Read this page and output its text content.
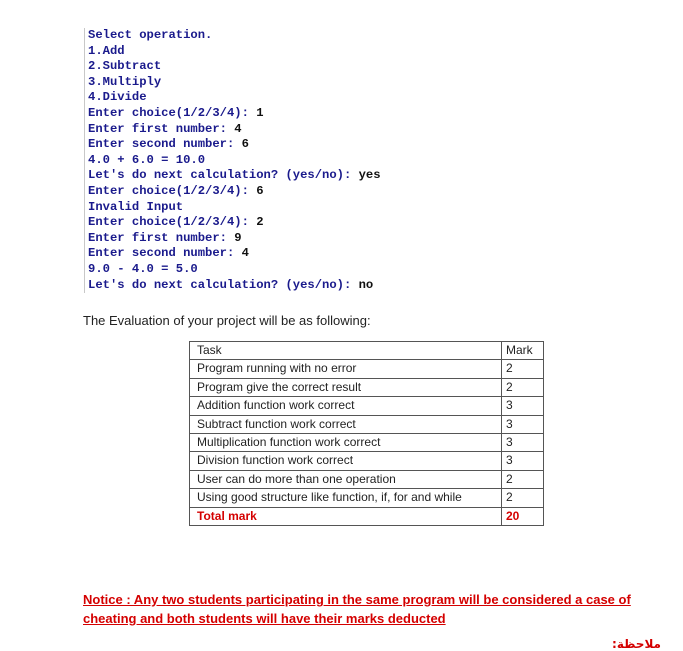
Select operation.
1.Add
2.Subtract
3.Multiply
4.Divide
Enter choice(1/2/3/4): 1
Enter first number: 4
Enter second number: 6
4.0 + 6.0 = 10.0
Let's do next calculation? (yes/no): yes
Enter choice(1/2/3/4): 6
Invalid Input
Enter choice(1/2/3/4): 2
Enter first number: 9
Enter second number: 4
9.0 - 4.0 = 5.0
Let's do next calculation? (yes/no): no
The Evaluation of your project will be as following:
Task	Mark
Program running with no error	2
Program give the correct result	2
Addition function work correct	3
Subtract function work correct	3
Multiplication function work correct	3
Division function work correct	3
User can do more than one operation	2
Using good structure like function, if, for and while	2
Total mark	20
Notice : Any two students participating in the same program will be considered a case of cheating and both students will have their marks deducted
ملاحظة:
